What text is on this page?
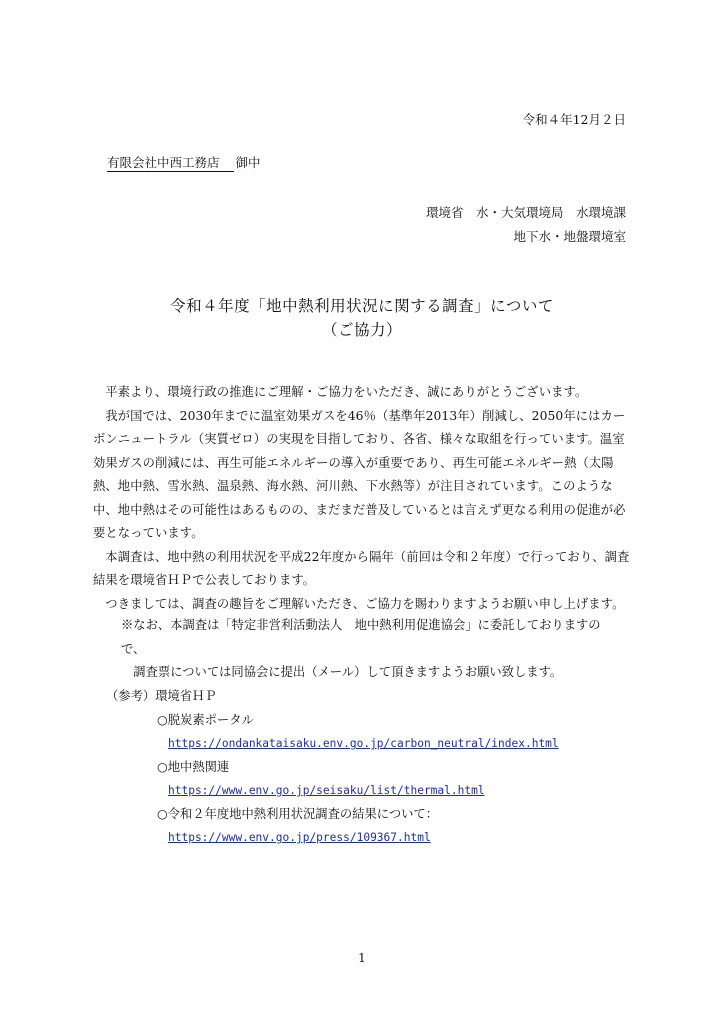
令和４年12月２日
有限会社中西工務店 御中
環境省　水・大気環境局　水環境課
地下水・地盤環境室
令和４年度「地中熱利用状況に関する調査」について
（ご協力）

平素より、環境行政の推進にご理解・ご協力をいただき、誠にありがとうございます。

我が国では、2030年までに温室効果ガスを46％（基準年2013年）削減し、2050年にはカーボンニュートラル（実質ゼロ）の実現を目指しており、各省、様々な取組を行っています。温室効果ガスの削減には、再生可能エネルギーの導入が重要であり、再生可能エネルギー熱（太陽熱、地中熱、雪氷熱、温泉熱、海水熱、河川熱、下水熱等）が注目されています。このような中、地中熱はその可能性はあるものの、まだまだ普及しているとは言えず更なる利用の促進が必要となっています。

本調査は、地中熱の利用状況を平成22年度から隔年（前回は令和２年度）で行っており、調査結果を環境省ＨＰで公表しております。

つきましては、調査の趣旨をご理解いただき、ご協力を賜わりますようお願い申し上げます。

※なお、本調査は「特定非営利活動法人　地中熱利用促進協会」に委託しておりますので、

調査票については同協会に提出（メール）して頂きますようお願い致します。

（参考）環境省ＨＰ
○脱炭素ポータル
https://ondankataisaku.env.go.jp/carbon_neutral/index.html
○地中熱関連
https://www.env.go.jp/seisaku/list/thermal.html
○令和２年度地中熱利用状況調査の結果について：
https://www.env.go.jp/press/109367.html
1
